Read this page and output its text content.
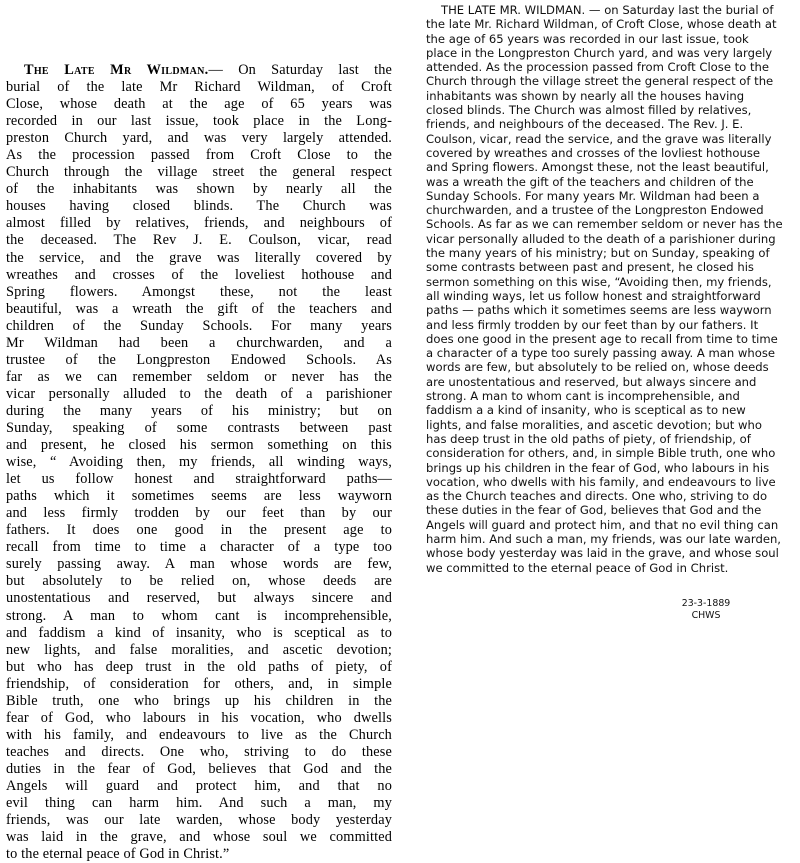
The Late Mr Wildman.— On Saturday last the
burial of the late Mr Richard Wildman, of Croft
Close, whose death at the age of 65 years was
recorded in our last issue, took place in the Long-
preston Church yard, and was very largely attended.
As the procession passed from Croft Close to the
Church through the village street the general respect
of the inhabitants was shown by nearly all the
houses having closed blinds. The Church was
almost filled by relatives, friends, and neighbours of
the deceased. The Rev J. E. Coulson, vicar, read
the service, and the grave was literally covered by
wreathes and crosses of the loveliest hothouse and
Spring flowers. Amongst these, not the least
beautiful, was a wreath the gift of the teachers and
children of the Sunday Schools. For many years
Mr Wildman had been a churchwarden, and a
trustee of the Longpreston Endowed Schools. As
far as we can remember seldom or never has the
vicar personally alluded to the death of a parishioner
during the many years of his ministry; but on
Sunday, speaking of some contrasts between past
and present, he closed his sermon something on this
wise, “ Avoiding then, my friends, all winding ways,
let us follow honest and straightforward paths—
paths which it sometimes seems are less wayworn
and less firmly trodden by our feet than by our
fathers. It does one good in the present age to
recall from time to time a character of a type too
surely passing away. A man whose words are few,
but absolutely to be relied on, whose deeds are
unostentatious and reserved, but always sincere and
strong. A man to whom cant is incomprehensible,
and faddism a kind of insanity, who is sceptical as to
new lights, and false moralities, and ascetic devotion;
but who has deep trust in the old paths of piety, of
friendship, of consideration for others, and, in simple
Bible truth, one who brings up his children in the
fear of God, who labours in his vocation, who dwells
with his family, and endeavours to live as the Church
teaches and directs. One who, striving to do these
duties in the fear of God, believes that God and the
Angels will guard and protect him, and that no
evil thing can harm him. And such a man, my
friends, was our late warden, whose body yesterday
was laid in the grave, and whose soul we committed
to the eternal peace of God in Christ.”
THE LATE MR. WILDMAN. — on Saturday last the burial of
the late Mr. Richard Wildman, of Croft Close, whose death at
the age of 65 years was recorded in our last issue, took
place in the Longpreston Church yard, and was very largely
attended. As the procession passed from Croft Close to the
Church through the village street the general respect of the
inhabitants was shown by nearly all the houses having
closed blinds. The Church was almost filled by relatives,
friends, and neighbours of the deceased. The Rev. J. E.
Coulson, vicar, read the service, and the grave was literally
covered by wreathes and crosses of the lovliest hothouse
and Spring flowers. Amongst these, not the least beautiful,
was a wreath the gift of the teachers and children of the
Sunday Schools. For many years Mr. Wildman had been a
churchwarden, and a trustee of the Longpreston Endowed
Schools. As far as we can remember seldom or never has the
vicar personally alluded to the death of a parishioner during
the many years of his ministry; but on Sunday, speaking of
some contrasts between past and present, he closed his
sermon something on this wise, “Avoiding then, my friends,
all winding ways, let us follow honest and straightforward
paths — paths which it sometimes seems are less wayworn
and less firmly trodden by our feet than by our fathers. It
does one good in the present age to recall from time to time
a character of a type too surely passing away. A man whose
words are few, but absolutely to be relied on, whose deeds
are unostentatious and reserved, but always sincere and
strong. A man to whom cant is incomprehensible, and
faddism a a kind of insanity, who is sceptical as to new
lights, and false moralities, and ascetic devotion; but who
has deep trust in the old paths of piety, of friendship, of
consideration for others, and, in simple Bible truth, one who
brings up his children in the fear of God, who labours in his
vocation, who dwells with his family, and endeavours to live
as the Church teaches and directs. One who, striving to do
these duties in the fear of God, believes that God and the
Angels will guard and protect him, and that no evil thing can
harm him. And such a man, my friends, was our late warden,
whose body yesterday was laid in the grave, and whose soul
we committed to the eternal peace of God in Christ.
23-3-1889
CHWS
